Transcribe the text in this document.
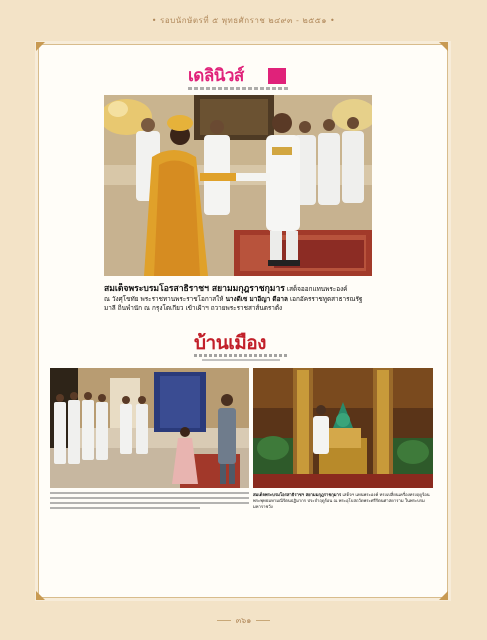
• รอบนักษัตรที่ ๕ พุทธศักราช ๒๔๙๓ - ๒๕๕๑ •
เดลินิวส์
สมเด็จพระบรมโอรสาธิราชฯ สยามมกุฎราชกุมาร เสด็จออกแทนพระองค์
ณ วังศุโขทัย พระราชทานพระราชโอกาสให้ นางดีเซ มาอีญา ดีอาล เอกอัครราชทูตสาธารณรัฐ
มาลี ถิ่นพำนัก ณ กรุงโตเกียว เข้าเฝ้าฯ ถวายพระราชสาส์นตราตั้ง
บ้านเมือง
สมเด็จพระบรมโอรสาธิราชฯ สยามมกุฎราชกุมาร เสด็จฯ แทนพระองค์ ทรงเปลี่ยนเครื่องทรงฤดูร้อน พระพุทธมหามณีรัตนปฏิมากร ประจำฤดูร้อน ณ พระอุโบสถวัดพระศรีรัตนศาสดาราม ในพระบรมมหาราชวัง
๓๖๑
